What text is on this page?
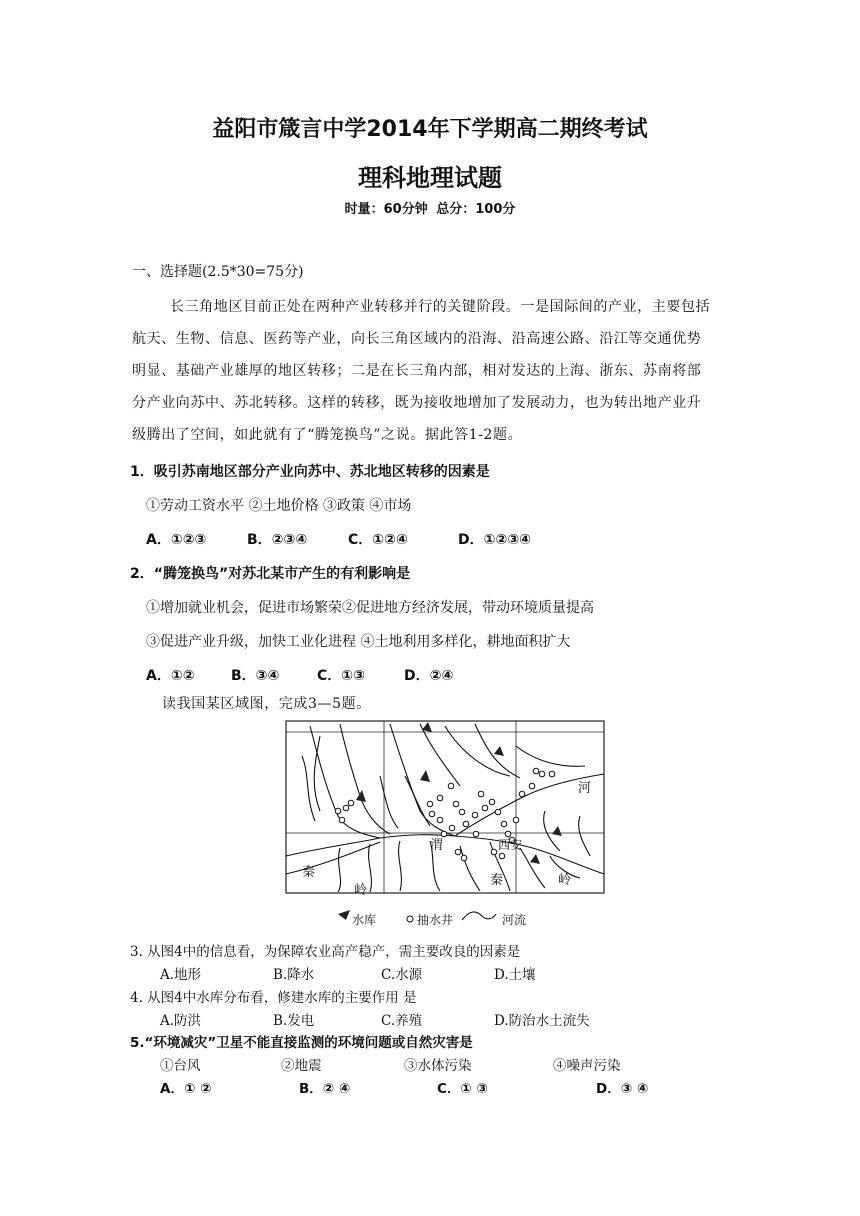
益阳市箴言中学2014年下学期高二期终考试
理科地理试题
时量：60分钟 总分：100分
一、选择题(2.5*30=75分)
长三角地区目前正处在两种产业转移并行的关键阶段。一是国际间的产业，主要包括
航天、生物、信息、医药等产业，向长三角区域内的沿海、沿高速公路、沿江等交通优势
明显、基础产业雄厚的地区转移；二是在长三角内部，相对发达的上海、浙东、苏南将部
分产业向苏中、苏北转移。这样的转移，既为接收地增加了发展动力，也为转出地产业升
级腾出了空间，如此就有了“腾笼换鸟”之说。据此答1-2题。
1．吸引苏南地区部分产业向苏中、苏北地区转移的因素是
①劳动工资水平 ②土地价格 ③政策 ④市场
A．①②③	B．②③④	C．①②④	D．①②③④
2．“腾笼换鸟”对苏北某市产生的有利影响是
①增加就业机会，促进市场繁荣②促进地方经济发展，带动环境质量提高
③促进产业升级，加快工业化进程 ④土地利用多样化，耕地面积扩大
A．①②	B．③④	C．①③	D．②④
读我国某区域图，完成3—5题。
河
渭	西安
秦
岭
秦	岭
水库	抽水井	河流
3. 从图4中的信息看，为保障农业高产稳产，需主要改良的因素是
A.地形	B.降水	C.水源	D.土壤
4. 从图4中水库分布看，修建水库的主要作用 是
A.防洪	B.发电	C.养殖	D.防治水土流失
5.“环境减灾”卫星不能直接监测的环境问题或自然灾害是
①台风	②地震	③水体污染	④噪声污染
A．① ②	B．② ④	C．① ③	D．③ ④
